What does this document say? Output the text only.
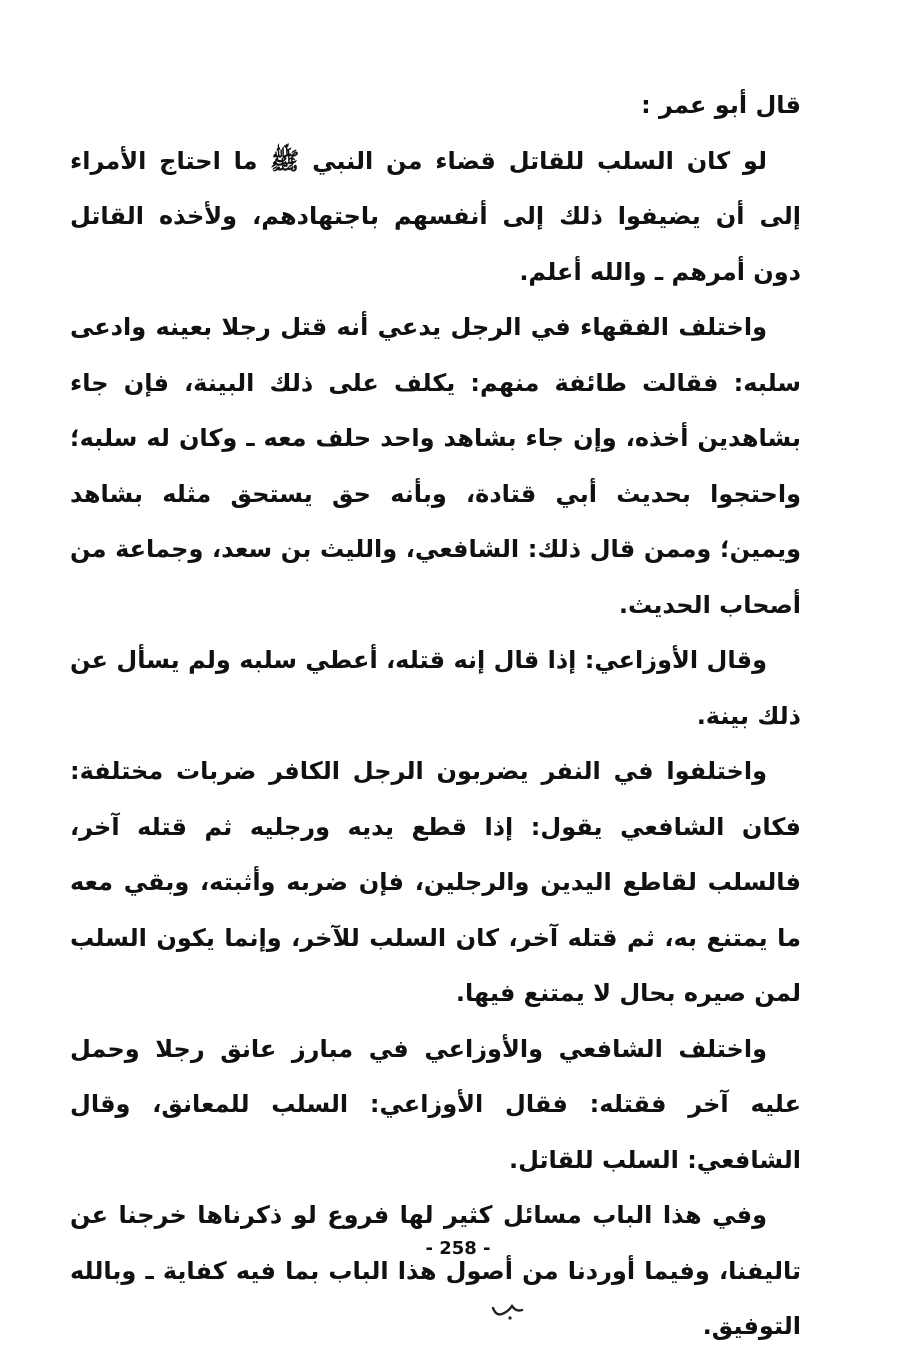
قال أبو عمر :

لو كان السلب للقاتل قضاء من النبي ﷺ ما احتاج الأمراء إلى أن يضيفوا ذلك إلى أنفسهم باجتهادهم، ولأخذه القاتل دون أمرهم ـ والله أعلم.

واختلف الفقهاء في الرجل يدعي أنه قتل رجلا بعينه وادعى سلبه: فقالت طائفة منهم: يكلف على ذلك البينة، فإن جاء بشاهدين أخذه، وإن جاء بشاهد واحد حلف معه ـ وكان له سلبه؛ واحتجوا بحديث أبي قتادة، وبأنه حق يستحق مثله بشاهد ويمين؛ وممن قال ذلك: الشافعي، والليث بن سعد، وجماعة من أصحاب الحديث.

وقال الأوزاعي: إذا قال إنه قتله، أعطي سلبه ولم يسأل عن ذلك بينة.

واختلفوا في النفر يضربون الرجل الكافر ضربات مختلفة: فكان الشافعي يقول: إذا قطع يديه ورجليه ثم قتله آخر، فالسلب لقاطع اليدين والرجلين، فإن ضربه وأثبته، وبقي معه ما يمتنع به، ثم قتله آخر، كان السلب للآخر، وإنما يكون السلب لمن صيره بحال لا يمتنع فيها.

واختلف الشافعي والأوزاعي في مبارز عانق رجلا وحمل عليه آخر فقتله: فقال الأوزاعي: السلب للمعانق، وقال الشافعي: السلب للقاتل.

وفي هذا الباب مسائل كثير لها فروع لو ذكرناها خرجنا عن تاليفنا، وفيما أوردنا من أصول هذا الباب بما فيه كفاية ـ وبالله التوفيق.

- 258 -
